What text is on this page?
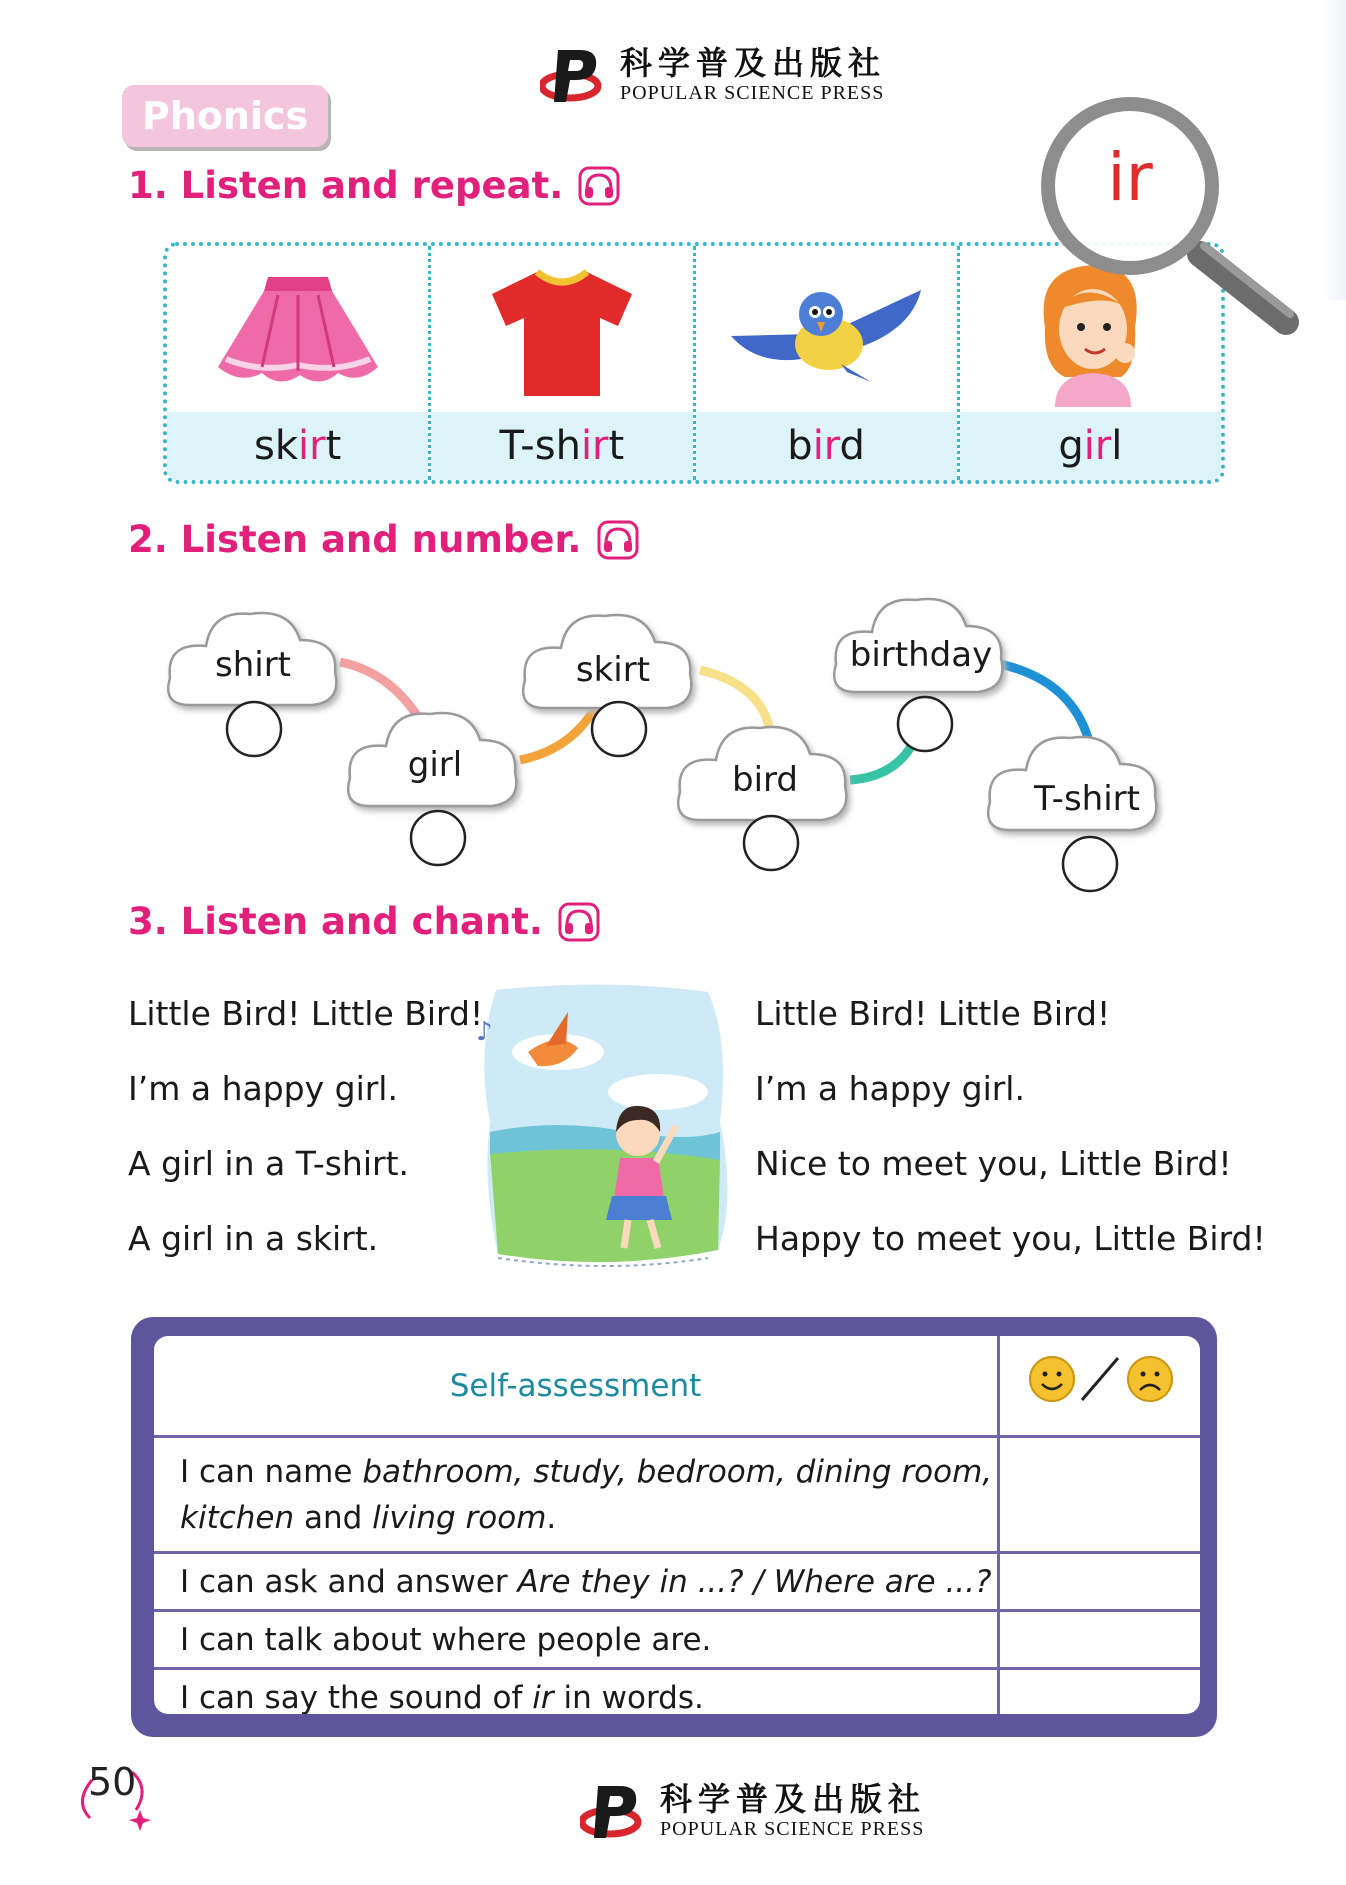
科学普及出版社
POPULAR SCIENCE PRESS
Phonics
1. Listen and repeat.
skirt	T-shirt	bird	girl
ir
2. Listen and number.
shirt
girl
skirt
bird
birthday
T-shirt
3. Listen and chant.
Little Bird! Little Bird!
I’m a happy girl.
A girl in a T-shirt.
A girl in a skirt.
♪	Little Bird! Little Bird!
I’m a happy girl.
Nice to meet you, Little Bird!
Happy to meet you, Little Bird!
Self-assessment	
I can name bathroom, study, bedroom, dining room,
kitchen and living room.	
I can ask and answer Are they in ...? / Where are ...?	
I can talk about where people are.	
I can say the sound of ir in words.	
50	科学普及出版社
POPULAR SCIENCE PRESS
